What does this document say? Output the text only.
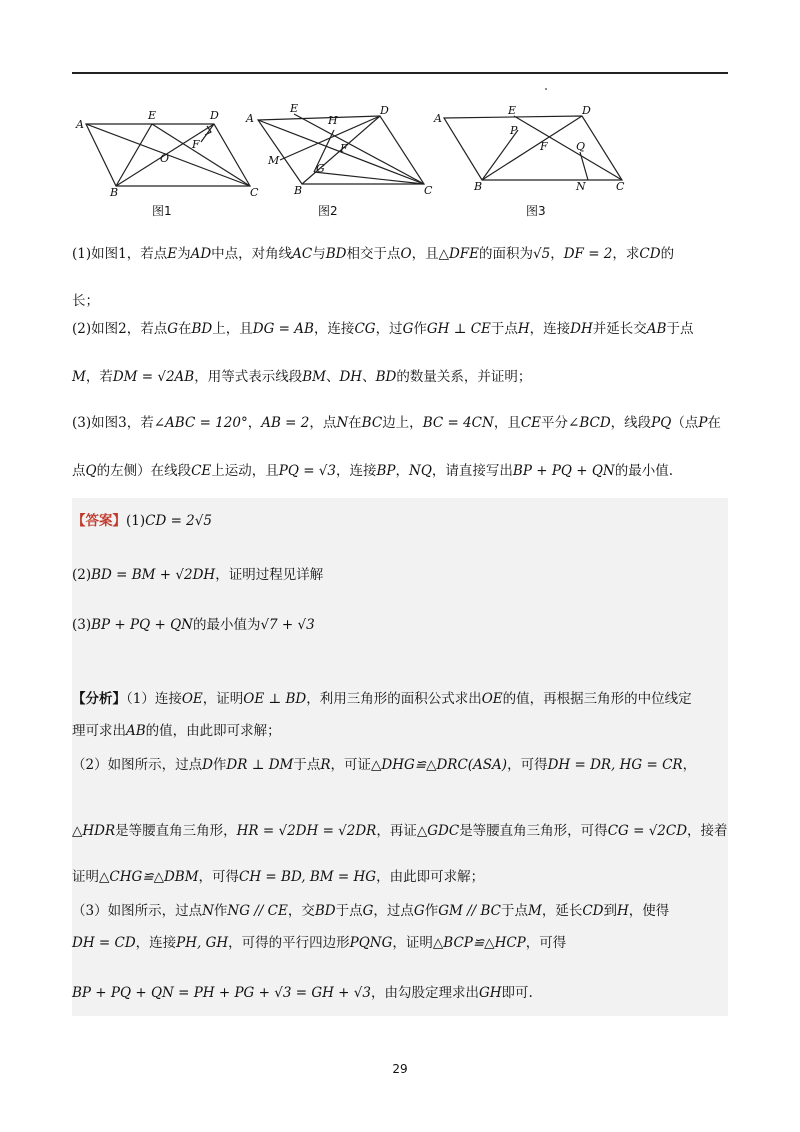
A
E	D
F
O
B	C
图1
A
E	D
H
F
M
G
B	C
图2
A
E	D
P
F	Q
B	N	C
图3
(1)如图1，若点E为AD中点，对角线AC与BD相交于点O，且△DFE的面积为√5，DF = 2，求CD的
长；
(2)如图2，若点G在BD上，且DG = AB，连接CG，过G作GH ⊥ CE于点H，连接DH并延长交AB于点
M，若DM = √2AB，用等式表示线段BM、DH、BD的数量关系，并证明；
(3)如图3，若∠ABC = 120°，AB = 2，点N在BC边上，BC = 4CN，且CE平分∠BCD，线段PQ（点P在
点Q的左侧）在线段CE上运动，且PQ = √3，连接BP，NQ，请直接写出BP + PQ + QN的最小值.
【答案】(1)CD = 2√5
(2)BD = BM + √2DH，证明过程见详解
(3)BP + PQ + QN的最小值为√7 + √3
【分析】（1）连接OE，证明OE ⊥ BD，利用三角形的面积公式求出OE的值，再根据三角形的中位线定
理可求出AB的值，由此即可求解；
（2）如图所示，过点D作DR ⊥ DM于点R，可证△DHG≌△DRC(ASA)，可得DH = DR, HG = CR，
△HDR是等腰直角三角形，HR = √2DH = √2DR，再证△GDC是等腰直角三角形，可得CG = √2CD，接着
证明△CHG≌△DBM，可得CH = BD, BM = HG，由此即可求解；
（3）如图所示，过点N作NG // CE，交BD于点G，过点G作GM // BC于点M，延长CD到H，使得
DH = CD，连接PH, GH，可得的平行四边形PQNG，证明△BCP≌△HCP，可得
BP + PQ + QN = PH + PG + √3 = GH + √3，由勾股定理求出GH即可.
29
